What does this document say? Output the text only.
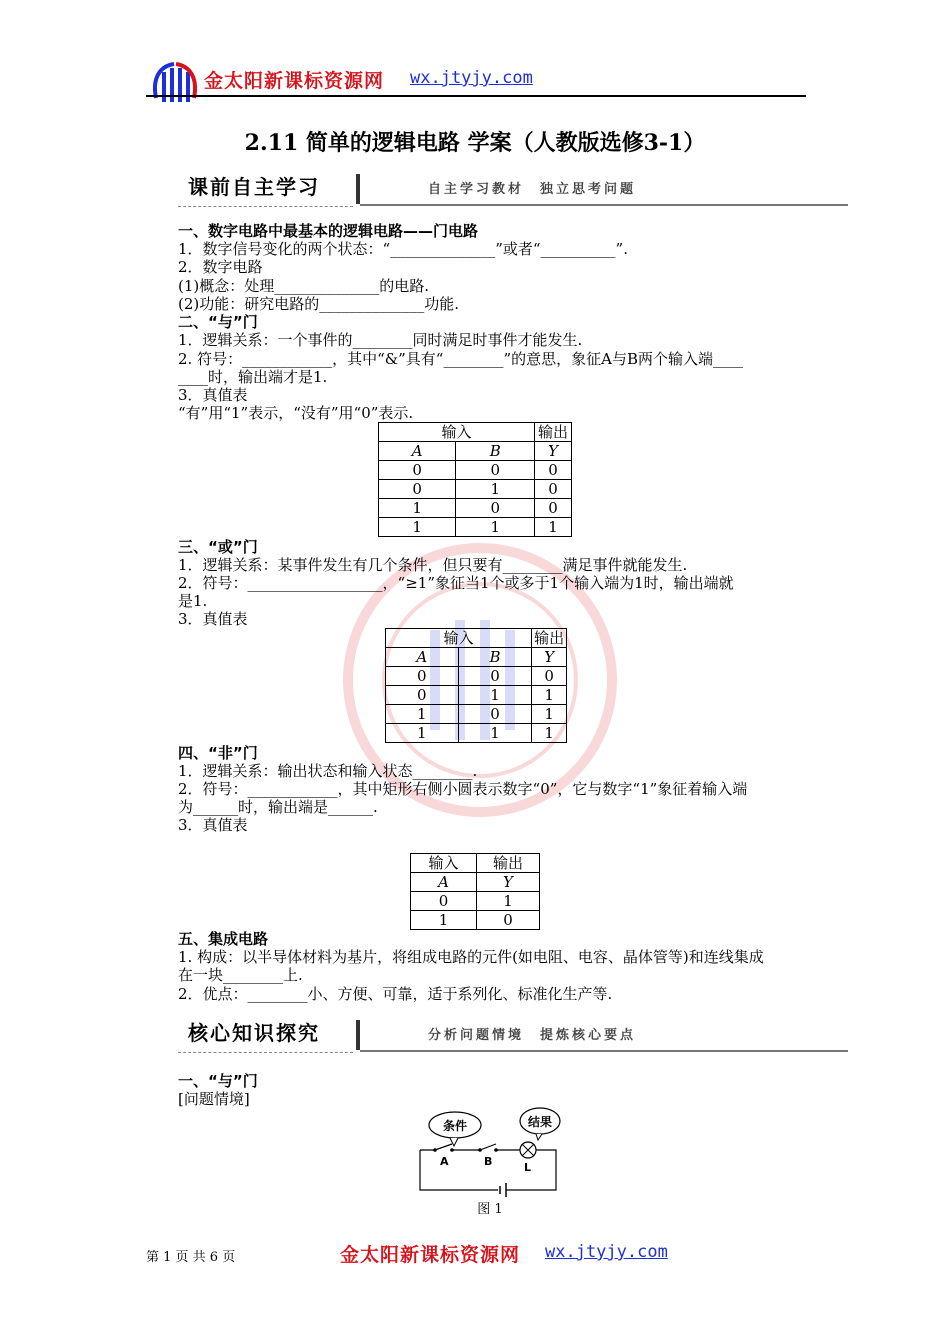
金太阳新课标资源网 wx.jtyjy.com
2.11 简单的逻辑电路 学案（人教版选修3-1）
课前自主学习	自主学习教材　独立思考问题
一、数字电路中最基本的逻辑电路——门电路
1．数字信号变化的两个状态：“______________”或者“__________”.
2．数字电路
(1)概念：处理______________的电路.
(2)功能：研究电路的______________功能.
二、“与”门
1．逻辑关系：一个事件的________同时满足时事件才能发生.
2. 符号：____________，其中“&”具有“________”的意思，象征A与B两个输入端____
____时，输出端才是1.
3．真值表
“有”用“1”表示，“没有”用“0”表示.
输入		输出
A	B	Y
0	0	0
0	1	0
1	0	0
1	1	1
三、“或”门
1．逻辑关系：某事件发生有几个条件，但只要有________满足事件就能发生.
2．符号：__________________，“≥1”象征当1个或多于1个输入端为1时，输出端就
是1.
3．真值表
输入		输出
A	B	Y
0	0	0
0	1	1
1	0	1
1	1	1
四、“非”门
1．逻辑关系：输出状态和输入状态________.
2．符号：____________，其中矩形右侧小圆表示数字“0”，它与数字“1”象征着输入端
为______时，输出端是______.
3．真值表
输入	输出
A	Y
0	1
1	0
五、集成电路
1. 构成：以半导体材料为基片，将组成电路的元件(如电阻、电容、晶体管等)和连线集成
在一块________上.
2．优点：________小、方便、可靠，适于系列化、标准化生产等.
核心知识探究	分析问题情境　提炼核心要点
一、“与”门
[问题情境]
条件	结果
A	B	L
图 1
第 1 页 共 6 页	金太阳新课标资源网 wx.jtyjy.com
